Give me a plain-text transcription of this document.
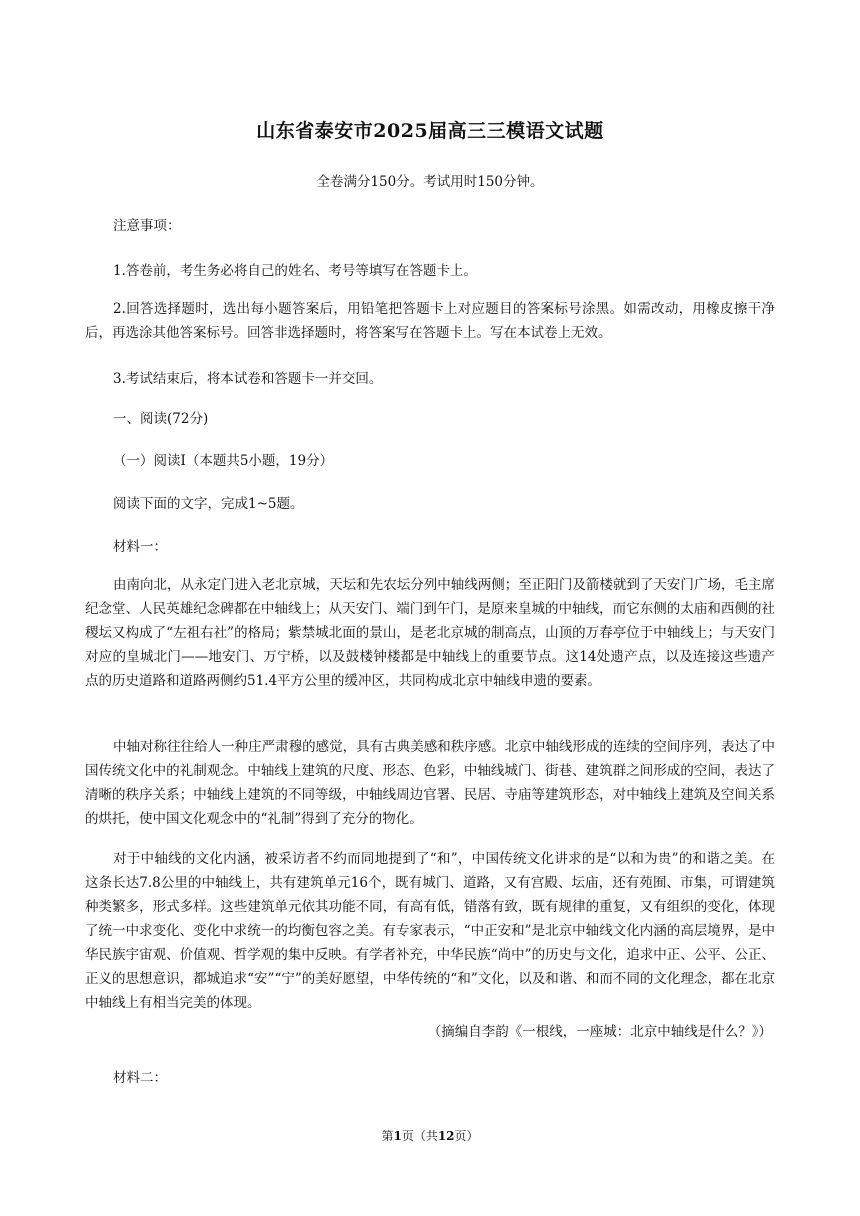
山东省泰安市2025届高三三模语文试题
全卷满分150分。考试用时150分钟。
注意事项：
1.答卷前，考生务必将自己的姓名、考号等填写在答题卡上。
2.回答选择题时，选出每小题答案后，用铅笔把答题卡上对应题目的答案标号涂黑。如需改动，用橡皮擦干净后，再选涂其他答案标号。回答非选择题时，将答案写在答题卡上。写在本试卷上无效。
3.考试结束后，将本试卷和答题卡一并交回。
一、阅读(72分)
（一）阅读Ⅰ（本题共5小题，19分）
阅读下面的文字，完成1~5题。
材料一：
由南向北，从永定门进入老北京城，天坛和先农坛分列中轴线两侧；至正阳门及箭楼就到了天安门广场，毛主席纪念堂、人民英雄纪念碑都在中轴线上；从天安门、端门到午门，是原来皇城的中轴线，而它东侧的太庙和西侧的社稷坛又构成了“左祖右社”的格局；紫禁城北面的景山，是老北京城的制高点，山顶的万春亭位于中轴线上；与天安门对应的皇城北门——地安门、万宁桥，以及鼓楼钟楼都是中轴线上的重要节点。这14处遗产点，以及连接这些遗产点的历史道路和道路两侧约51.4平方公里的缓冲区，共同构成北京中轴线申遗的要素。
中轴对称往往给人一种庄严肃穆的感觉，具有古典美感和秩序感。北京中轴线形成的连续的空间序列，表达了中国传统文化中的礼制观念。中轴线上建筑的尺度、形态、色彩，中轴线城门、街巷、建筑群之间形成的空间，表达了清晰的秩序关系；中轴线上建筑的不同等级，中轴线周边官署、民居、寺庙等建筑形态，对中轴线上建筑及空间关系的烘托，使中国文化观念中的“礼制”得到了充分的物化。
对于中轴线的文化内涵，被采访者不约而同地提到了“和”，中国传统文化讲求的是“以和为贵”的和谐之美。在这条长达7.8公里的中轴线上，共有建筑单元16个，既有城门、道路，又有宫殿、坛庙，还有苑囿、市集，可谓建筑种类繁多，形式多样。这些建筑单元依其功能不同，有高有低，错落有致，既有规律的重复，又有组织的变化，体现了统一中求变化、变化中求统一的均衡包容之美。有专家表示，“中正安和”是北京中轴线文化内涵的高层境界，是中华民族宇宙观、价值观、哲学观的集中反映。有学者补充，中华民族“尚中”的历史与文化，追求中正、公平、公正、正义的思想意识，都城追求“安”“宁”的美好愿望，中华传统的“和”文化，以及和谐、和而不同的文化理念，都在北京中轴线上有相当完美的体现。
（摘编自李韵《一根线，一座城：北京中轴线是什么？》）
材料二：
第1页（共12页）
